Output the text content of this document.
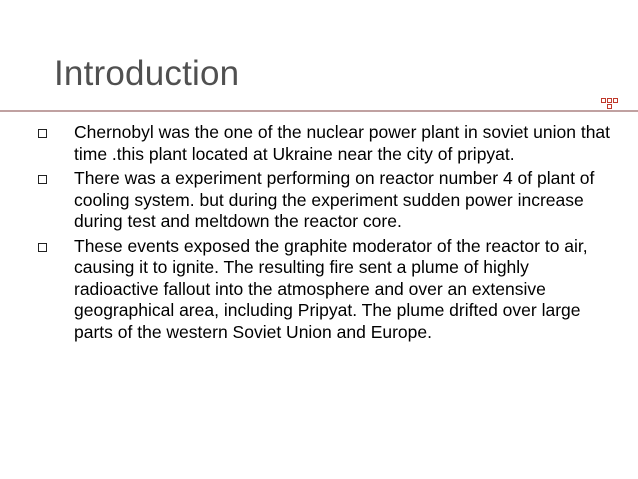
Introduction
Chernobyl was the one of the nuclear power plant in soviet union that time .this plant located at Ukraine near the city of pripyat.
There was a experiment performing on reactor number 4 of plant of cooling system. but during the experiment sudden power increase during test and meltdown the reactor core.
These events exposed the graphite moderator of the reactor to air, causing it to ignite. The resulting fire sent a plume of highly radioactive fallout into the atmosphere and over an extensive geographical area, including Pripyat. The plume drifted over large parts of the western Soviet Union and Europe.
